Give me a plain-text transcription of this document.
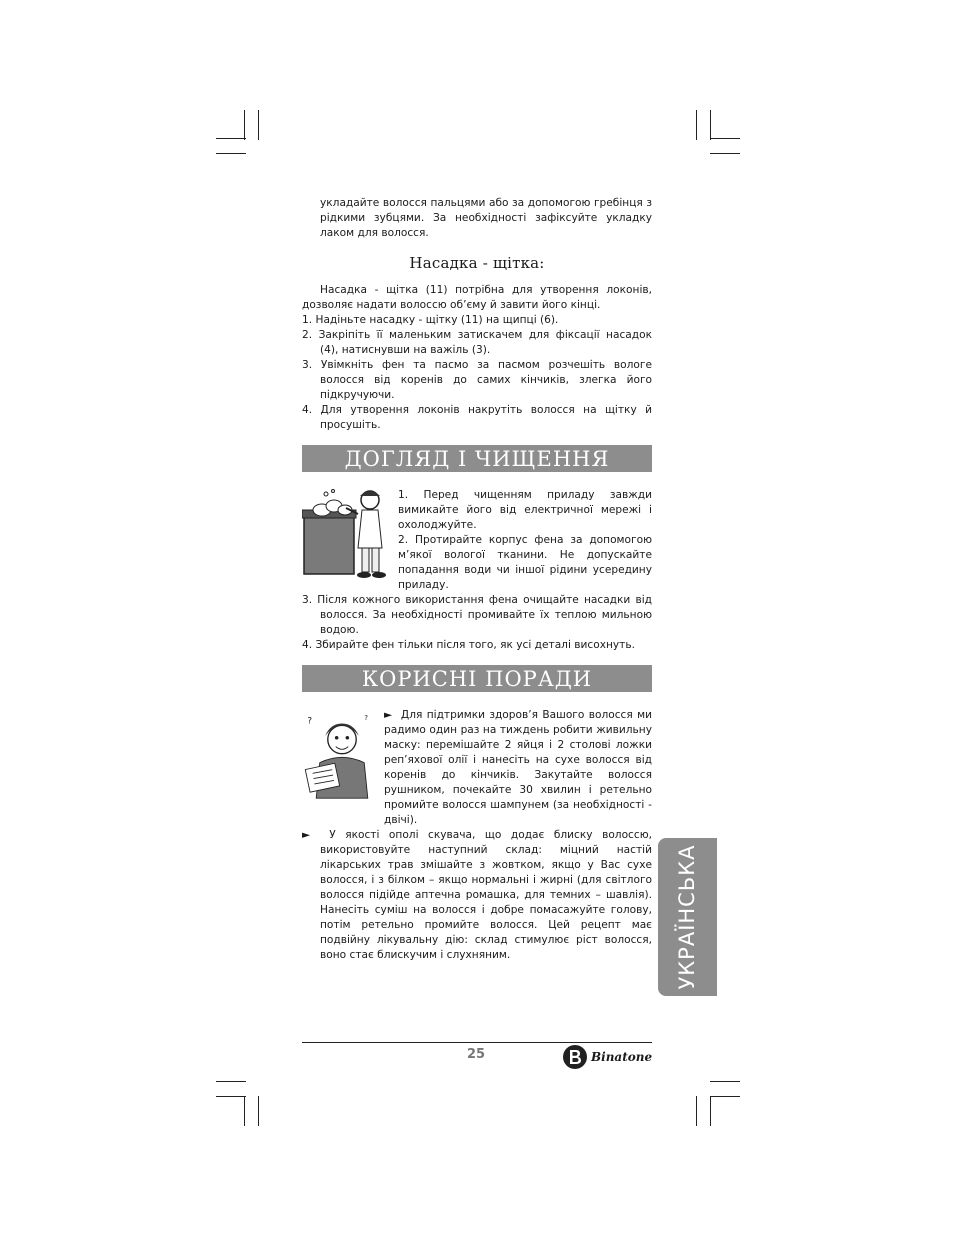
укладайте волосся пальцями або за допомогою гребінця з рідкими зубцями. За необхідності зафіксуйте укладку лаком для волосся.

Насадка - щітка:

Насадка - щітка (11) потрібна для утворення локонів, дозволяє надати волоссю об’єму й завити його кінці.

1. Надіньте насадку - щітку (11) на щипці (6).

2. Закріпіть її маленьким затискачем для фіксації насадок (4), натиснувши на важіль (3).

3. Увімкніть фен та пасмо за пасмом розчешіть вологе волосся від коренів до самих кінчиків, злегка його підкручуючи.

4. Для утворення локонів накрутіть волосся на щітку й просушіть.

ДОГЛЯД І ЧИЩЕННЯ

1. Перед чищенням приладу завжди вимикайте його від електричної мережі і охолоджуйте.

2. Протирайте корпус фена за допомогою м’якої вологої тканини. Не допускайте попадання води чи іншої рідини усередину приладу.

3. Після кожного використання фена очищайте насадки від волосся. За необхідності промивайте їх теплою мильною водою.

4. Збирайте фен тільки після того, як усі деталі висохнуть.

КОРИСНІ ПОРАДИ
?	? ► Для підтримки здоров’я Вашого волосся ми радимо один раз на тиждень робити живильну маску: перемішайте 2 яйця і 2 столові ложки реп’яхової олії і нанесіть на сухе волосся від коренів до кінчиків. Закутайте волосся рушником, почекайте 30 хвилин і ретельно промийте волосся шампунем (за необхідності - двічі).

► У якості ополі скувача, що додає блиску волоссю, використовуйте наступний склад: міцний настій лікарських трав змішайте з жовтком, якщо у Вас сухе волосся, і з білком – якщо нормальні і жирні (для світлого волосся підійде аптечна ромашка, для темних – шавлія). Нанесіть суміш на волосся і добре помасажуйте голову, потім ретельно промийте волосся. Цей рецепт має подвійну лікувальну дію: склад стимулює ріст волосся, воно стає блискучим і слухняним.	УКРАЇНСЬКА
25	Binatone
